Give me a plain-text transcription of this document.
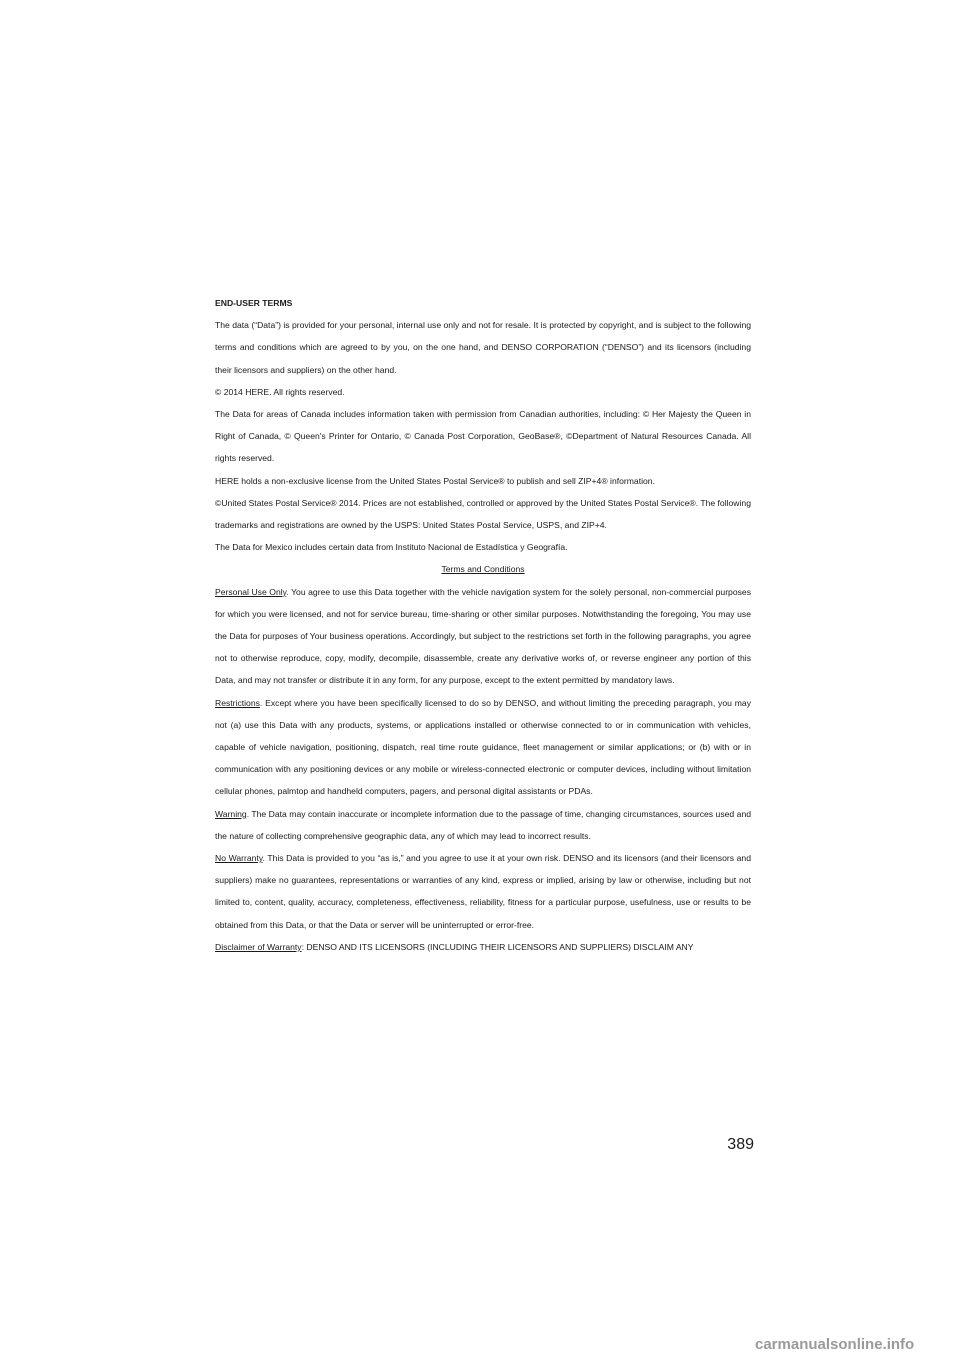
END-USER TERMS

The data (“Data”) is provided for your personal, internal use only and not for resale. It is protected by copyright, and is subject to the following terms and conditions which are agreed to by you, on the one hand, and DENSO CORPORATION (“DENSO”) and its licensors (including their licensors and suppliers) on the other hand.

© 2014 HERE. All rights reserved.

The Data for areas of Canada includes information taken with permission from Canadian authorities, including: © Her Majesty the Queen in Right of Canada, © Queen's Printer for Ontario, © Canada Post Corporation, GeoBase®, ©Department of Natural Resources Canada. All rights reserved.

HERE holds a non-exclusive license from the United States Postal Service® to publish and sell ZIP+4® information.

©United States Postal Service® 2014. Prices are not established, controlled or approved by the United States Postal Service®. The following trademarks and registrations are owned by the USPS: United States Postal Service, USPS, and ZIP+4.

The Data for Mexico includes certain data from Instituto Nacional de Estadística y Geografía.

Terms and Conditions

Personal Use Only. You agree to use this Data together with the vehicle navigation system for the solely personal, non-commercial purposes for which you were licensed, and not for service bureau, time-sharing or other similar purposes. Notwithstanding the foregoing, You may use the Data for purposes of Your business operations. Accordingly, but subject to the restrictions set forth in the following paragraphs, you agree not to otherwise reproduce, copy, modify, decompile, disassemble, create any derivative works of, or reverse engineer any portion of this Data, and may not transfer or distribute it in any form, for any purpose, except to the extent permitted by mandatory laws.

Restrictions. Except where you have been specifically licensed to do so by DENSO, and without limiting the preceding paragraph, you may not (a) use this Data with any products, systems, or applications installed or otherwise connected to or in communication with vehicles, capable of vehicle navigation, positioning, dispatch, real time route guidance, fleet management or similar applications; or (b) with or in communication with any positioning devices or any mobile or wireless-connected electronic or computer devices, including without limitation cellular phones, palmtop and handheld computers, pagers, and personal digital assistants or PDAs.

Warning. The Data may contain inaccurate or incomplete information due to the passage of time, changing circumstances, sources used and the nature of collecting comprehensive geographic data, any of which may lead to incorrect results.

No Warranty. This Data is provided to you “as is,” and you agree to use it at your own risk. DENSO and its licensors (and their licensors and suppliers) make no guarantees, representations or warranties of any kind, express or implied, arising by law or otherwise, including but not limited to, content, quality, accuracy, completeness, effectiveness, reliability, fitness for a particular purpose, usefulness, use or results to be obtained from this Data, or that the Data or server will be uninterrupted or error-free.

Disclaimer of Warranty: DENSO AND ITS LICENSORS (INCLUDING THEIR LICENSORS AND SUPPLIERS) DISCLAIM ANY

389
carmanualsonline.info
